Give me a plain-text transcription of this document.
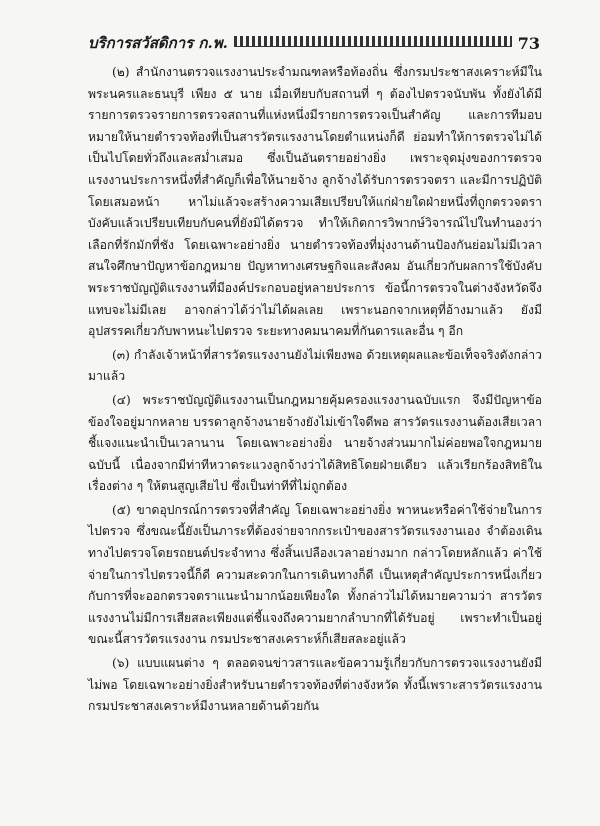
บริการสวัสดิการ ก.พ.	73

(๒) สำนักงานตรวจแรงงานประจำมณฑลหรือท้องถิ่น ซึ่งกรมประชาสงเคราะห์มีในพระนครและธนบุรี เพียง ๕ นาย เมื่อเทียบกับสถานที่ ๆ ต้องไปตรวจนับพัน ทั้งยังได้มีรายการตรวจรายการตรวจสถานที่แห่งหนึ่งมีรายการตรวจเป็นสำคัญ และการทีมอบหมายให้นายตำรวจท้องที่เป็นสารวัตรแรงงานโดยตำแหน่งก็ดี ย่อมทำให้การตรวจไม่ได้เป็นไปโดยทั่วถึงและสม่ำเสมอ ซึ่งเป็นอันตรายอย่างยิ่ง เพราะจุดมุ่งของการตรวจแรงงานประการหนึ่งที่สำคัญก็เพื่อให้นายจ้าง ลูกจ้างได้รับการตรวจตรา และมีการปฏิบัติโดยเสมอหน้า หาไม่แล้วจะสร้างความเสียเปรียบให้แก่ฝ่ายใดฝ่ายหนึ่งที่ถูกตรวจตราบังคับแล้วเปรียบเทียบกับคนที่ยังมิได้ตรวจ ทำให้เกิดการวิพากษ์วิจารณ์ไปในทำนองว่าเลือกที่รักมักที่ชัง โดยเฉพาะอย่างยิ่ง นายตำรวจท้องที่มุ่งงานด้านป้องกันย่อมไม่มีเวลาสนใจศึกษาปัญหาข้อกฎหมาย ปัญหาทางเศรษฐกิจและสังคม อันเกี่ยวกับผลการใช้บังคับพระราชบัญญัติแรงงานที่มีองค์ประกอบอยู่หลายประการ ข้อนี้การตรวจในต่างจังหวัดจึงแทบจะไม่มีเลย อาจกล่าวได้ว่าไม่ได้ผลเลย เพราะนอกจากเหตุที่อ้างมาแล้ว ยังมีอุปสรรคเกี่ยวกับพาหนะไปตรวจ ระยะทางคมนาคมที่กันดารและอื่น ๆ อีก

(๓) กำลังเจ้าหน้าที่สารวัตรแรงงานยังไม่เพียงพอ ด้วยเหตุผลและข้อเท็จจริงดังกล่าวมาแล้ว

(๔) พระราชบัญญัติแรงงานเป็นกฎหมายคุ้มครองแรงงานฉบับแรก จึงมีปัญหาข้อข้องใจอยู่มากหลาย บรรดาลูกจ้างนายจ้างยังไม่เข้าใจดีพอ สารวัตรแรงงานต้องเสียเวลาชี้แจงแนะนำเป็นเวลานาน โดยเฉพาะอย่างยิ่ง นายจ้างส่วนมากไม่ค่อยพอใจกฎหมายฉบับนี้ เนื่องจากมีท่าทีหวาดระแวงลูกจ้างว่าได้สิทธิโดยฝ่ายเดียว แล้วเรียกร้องสิทธิในเรื่องต่าง ๆ ให้ตนสูญเสียไป ซึ่งเป็นท่าทีที่ไม่ถูกต้อง

(๕) ขาดอุปกรณ์การตรวจที่สำคัญ โดยเฉพาะอย่างยิ่ง พาหนะหรือค่าใช้จ่ายในการไปตรวจ ซึ่งขณะนี้ยังเป็นภาระที่ต้องจ่ายจากกระเป๋าของสารวัตรแรงงานเอง จำต้องเดินทางไปตรวจโดยรถยนต์ประจำทาง ซึ่งสิ้นเปลืองเวลาอย่างมาก กล่าวโดยหลักแล้ว ค่าใช้จ่ายในการไปตรวจนี้ก็ดี ความสะดวกในการเดินทางก็ดี เป็นเหตุสำคัญประการหนึ่งเกี่ยวกับการที่จะออกตรวจตราแนะนำมากน้อยเพียงใด ทั้งกล่าวไม่ได้หมายความว่า สารวัตรแรงงานไม่มีการเสียสละเพียงแต่ชี้แจงถึงความยากลำบากที่ได้รับอยู่ เพราะทำเป็นอยู่ขณะนี้สารวัตรแรงงาน กรมประชาสงเคราะห์ก็เสียสละอยู่แล้ว

(๖) แบบแผนต่าง ๆ ตลอดจนข่าวสารและข้อความรู้เกี่ยวกับการตรวจแรงงานยังมีไม่พอ โดยเฉพาะอย่างยิ่งสำหรับนายตำรวจท้องที่ต่างจังหวัด ทั้งนี้เพราะสารวัตรแรงงานกรมประชาสงเคราะห์มีงานหลายด้านด้วยกัน
